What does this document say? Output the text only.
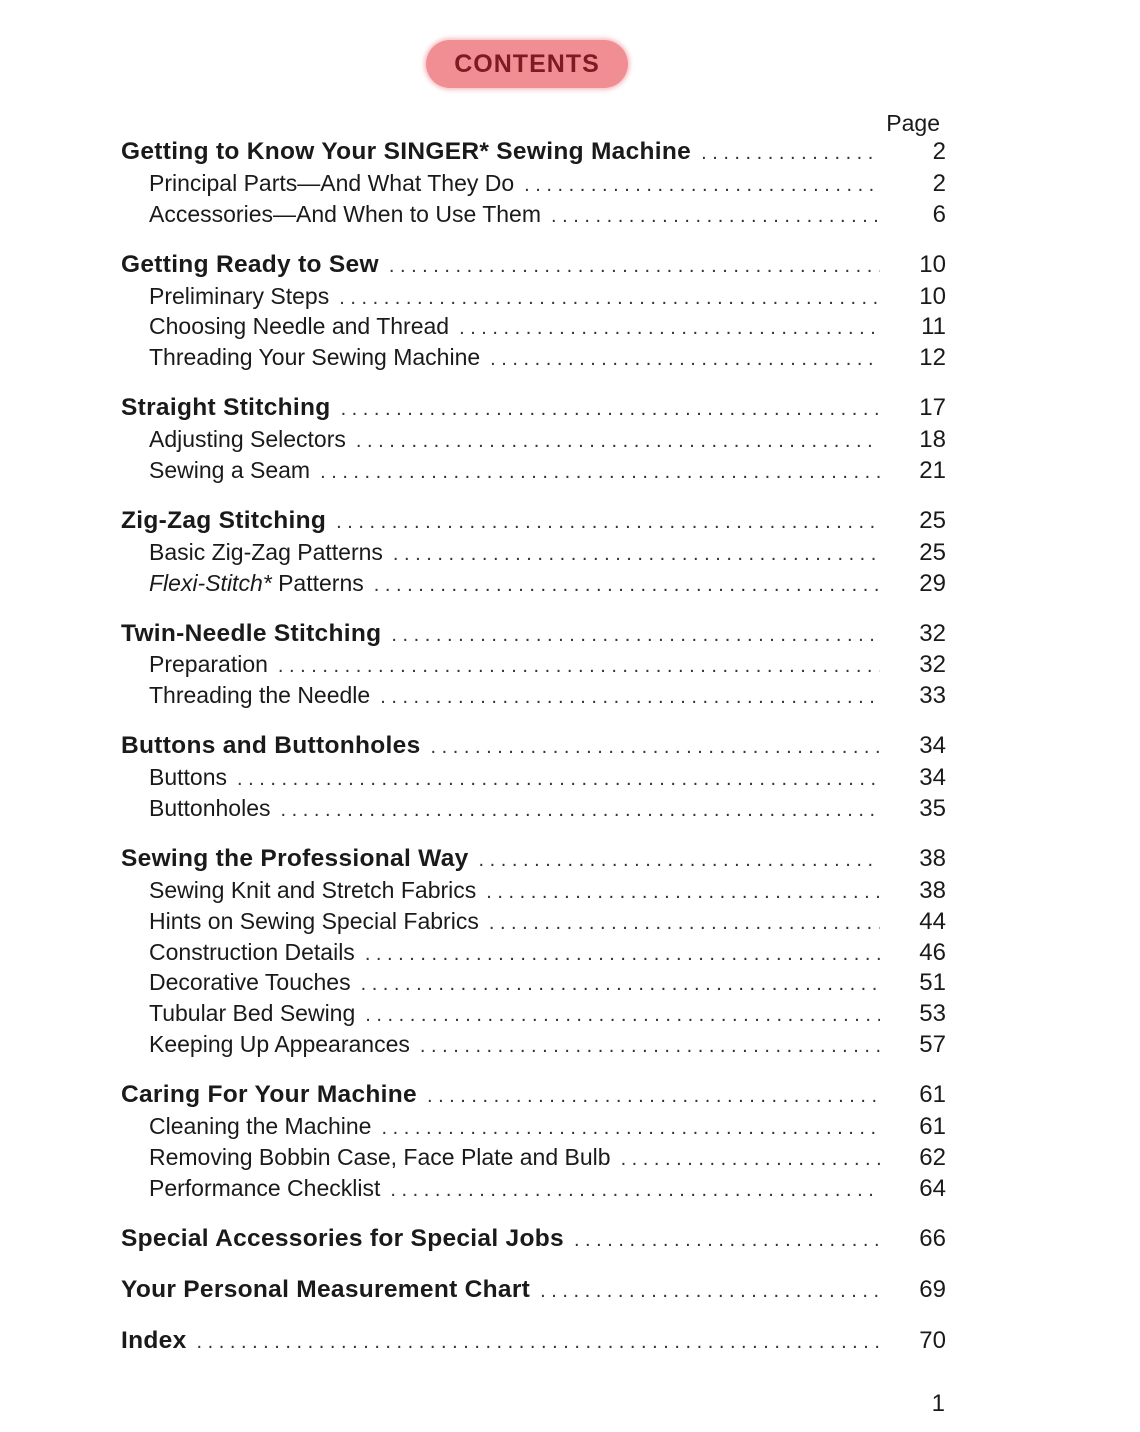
CONTENTS
Page
Getting to Know Your SINGER* Sewing Machine . . .	2
Principal Parts—And What They Do . . .	2
Accessories—And When to Use Them . . .	6
Getting Ready to Sew . . .	10
Preliminary Steps . . .	10
Choosing Needle and Thread . . .	11
Threading Your Sewing Machine . . .	12
Straight Stitching . . .	17
Adjusting Selectors . . .	18
Sewing a Seam . . .	21
Zig-Zag Stitching . . .	25
Basic Zig-Zag Patterns . . .	25
Flexi-Stitch* Patterns . . .	29
Twin-Needle Stitching . . .	32
Preparation . . .	32
Threading the Needle . . .	33
Buttons and Buttonholes . . .	34
Buttons . . .	34
Buttonholes . . .	35
Sewing the Professional Way . . .	38
Sewing Knit and Stretch Fabrics . . .	38
Hints on Sewing Special Fabrics . . .	44
Construction Details . . .	46
Decorative Touches . . .	51
Tubular Bed Sewing . . .	53
Keeping Up Appearances . . .	57
Caring For Your Machine . . .	61
Cleaning the Machine . . .	61
Removing Bobbin Case, Face Plate and Bulb . . .	62
Performance Checklist . . .	64
Special Accessories for Special Jobs . . .	66
Your Personal Measurement Chart . . .	69
Index . . .	70
1
